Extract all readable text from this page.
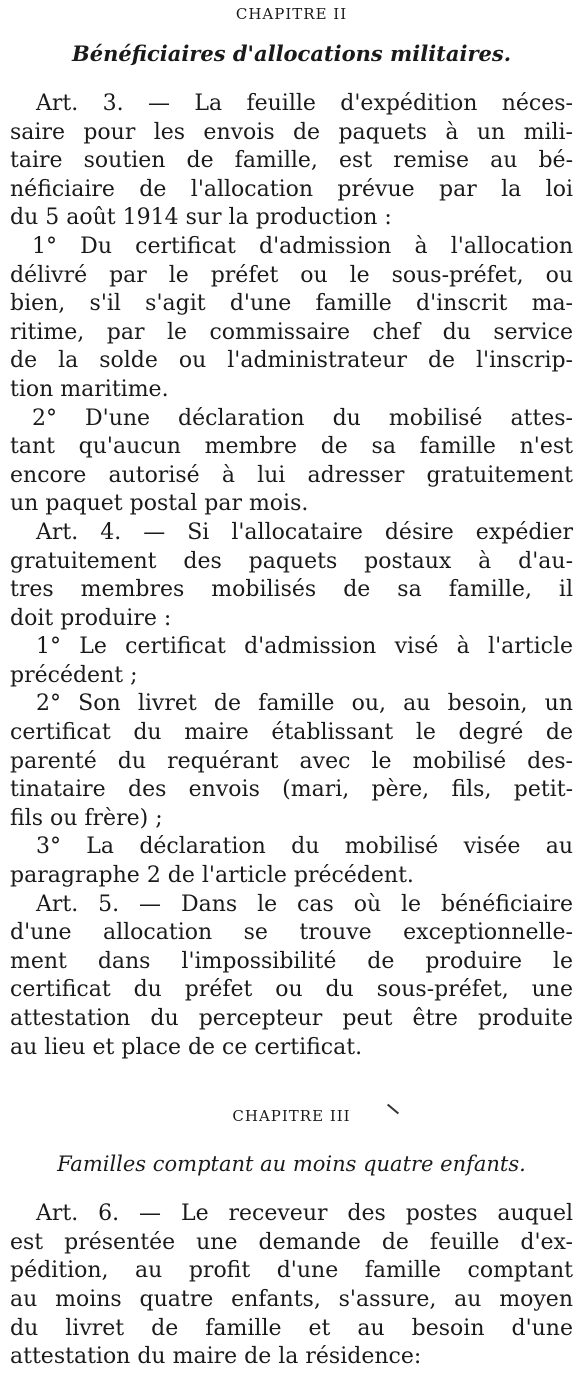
CHAPITRE II

Bénéficiaires d'allocations militaires.

Art. 3. — La feuille d'expédition néces-

saire pour les envois de paquets à un mili-

taire soutien de famille, est remise au bé-

néficiaire de l'allocation prévue par la loi

du 5 août 1914 sur la production :

1° Du certificat d'admission à l'allocation

délivré par le préfet ou le sous-préfet, ou

bien, s'il s'agit d'une famille d'inscrit ma-

ritime, par le commissaire chef du service

de la solde ou l'administrateur de l'inscrip-

tion maritime.

2° D'une déclaration du mobilisé attes-

tant qu'aucun membre de sa famille n'est

encore autorisé à lui adresser gratuitement

un paquet postal par mois.

Art. 4. — Si l'allocataire désire expédier

gratuitement des paquets postaux à d'au-

tres membres mobilisés de sa famille, il

doit produire :

1° Le certificat d'admission visé à l'article

précédent ;

2° Son livret de famille ou, au besoin, un

certificat du maire établissant le degré de

parenté du requérant avec le mobilisé des-

tinataire des envois (mari, père, fils, petit-

fils ou frère) ;

3° La déclaration du mobilisé visée au

paragraphe 2 de l'article précédent.

Art. 5. — Dans le cas où le bénéficiaire

d'une allocation se trouve exceptionnelle-

ment dans l'impossibilité de produire le

certificat du préfet ou du sous-préfet, une

attestation du percepteur peut être produite

au lieu et place de ce certificat.

CHAPITRE III

Familles comptant au moins quatre enfants.

Art. 6. — Le receveur des postes auquel

est présentée une demande de feuille d'ex-

pédition, au profit d'une famille comptant

au moins quatre enfants, s'assure, au moyen

du livret de famille et au besoin d'une

attestation du maire de la résidence:
